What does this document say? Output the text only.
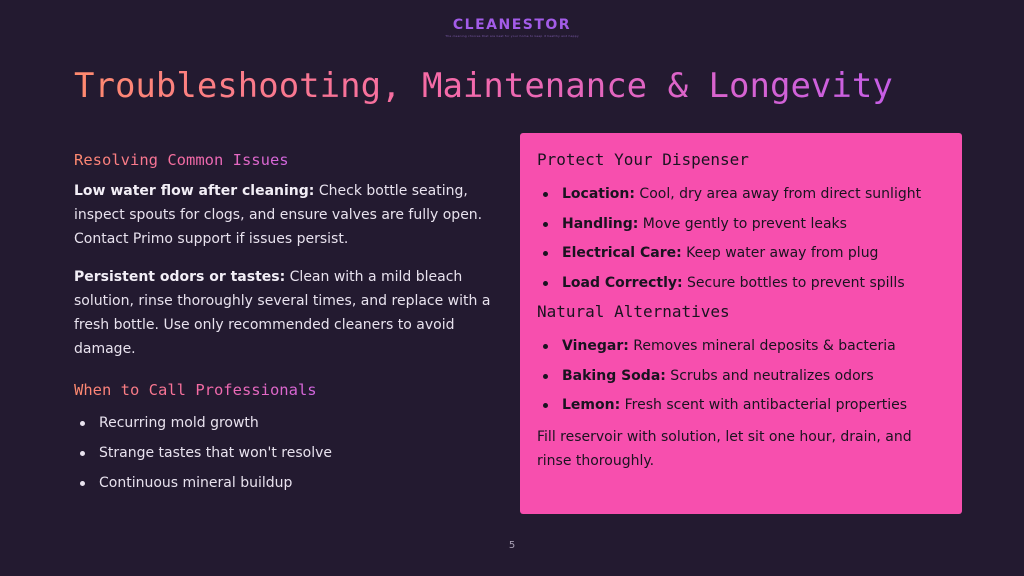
CLEANESTOR
The cleaning choices that are best for your home to keep it healthy and happy
Troubleshooting, Maintenance & Longevity
Resolving Common Issues

Low water flow after cleaning: Check bottle seating, inspect spouts for clogs, and ensure valves are fully open. Contact Primo support if issues persist.

Persistent odors or tastes: Clean with a mild bleach solution, rinse thoroughly several times, and replace with a fresh bottle. Use only recommended cleaners to avoid damage.

When to Call Professionals
Recurring mold growth
Strange tastes that won't resolve
Continuous mineral buildup
Protect Your Dispenser
Location: Cool, dry area away from direct sunlight
Handling: Move gently to prevent leaks
Electrical Care: Keep water away from plug
Load Correctly: Secure bottles to prevent spills
Natural Alternatives
Vinegar: Removes mineral deposits & bacteria
Baking Soda: Scrubs and neutralizes odors
Lemon: Fresh scent with antibacterial properties

Fill reservoir with solution, let sit one hour, drain, and rinse thoroughly.

5
